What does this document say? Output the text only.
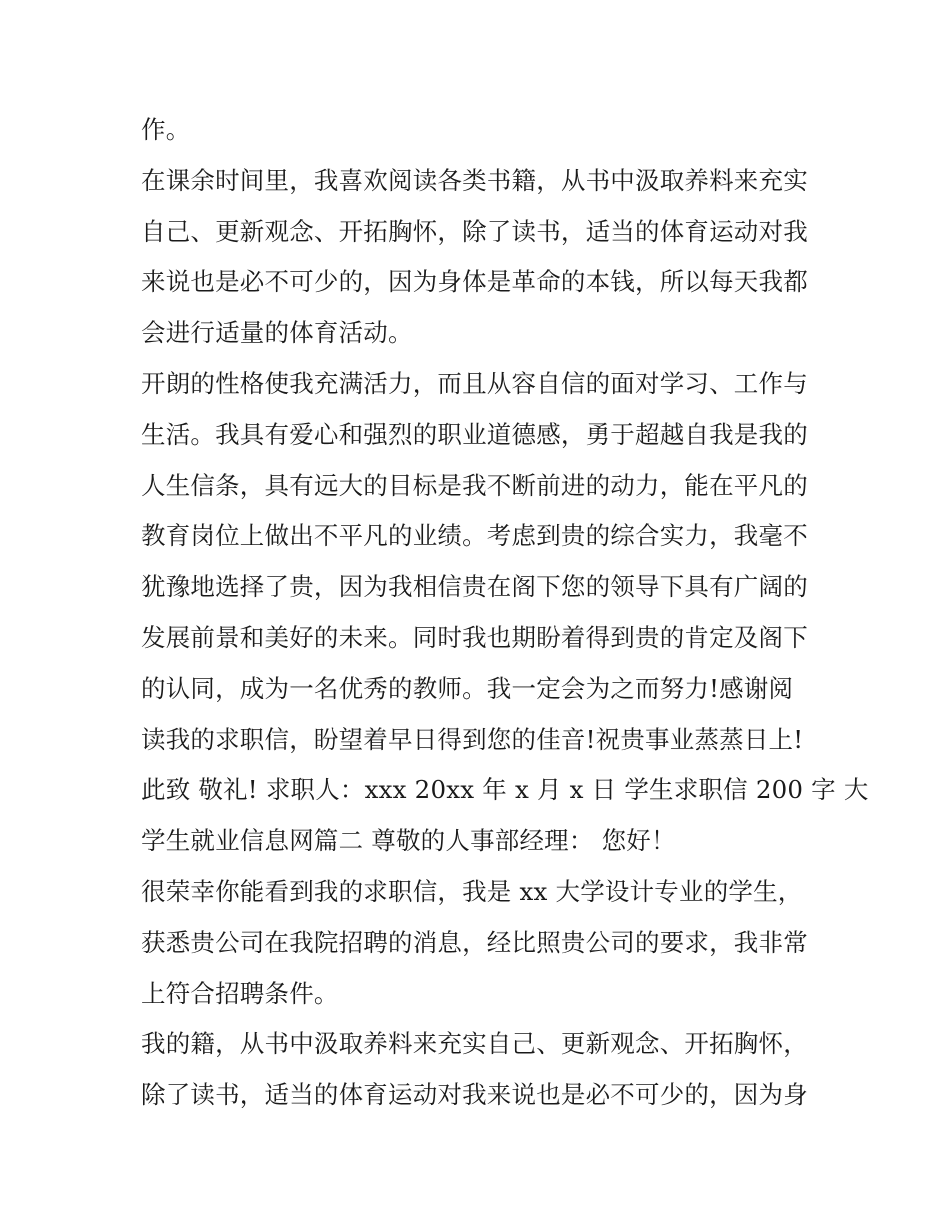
作。
在课余时间里，我喜欢阅读各类书籍，从书中汲取养料来充实
自己、更新观念、开拓胸怀，除了读书，适当的体育运动对我
来说也是必不可少的，因为身体是革命的本钱，所以每天我都
会进行适量的体育活动。
开朗的性格使我充满活力，而且从容自信的面对学习、工作与
生活。我具有爱心和强烈的职业道德感，勇于超越自我是我的
人生信条，具有远大的目标是我不断前进的动力，能在平凡的
教育岗位上做出不平凡的业绩。考虑到贵的综合实力，我毫不
犹豫地选择了贵，因为我相信贵在阁下您的领导下具有广阔的
发展前景和美好的未来。同时我也期盼着得到贵的肯定及阁下
的认同，成为一名优秀的教师。我一定会为之而努力!感谢阅
读我的求职信，盼望着早日得到您的佳音!祝贵事业蒸蒸日上!
此致 敬礼! 求职人：xxx 20xx 年 x 月 x 日 学生求职信 200 字 大
学生就业信息网篇二 尊敬的人事部经理： 您好！
很荣幸你能看到我的求职信，我是 xx 大学设计专业的学生，
获悉贵公司在我院招聘的消息，经比照贵公司的要求，我非常
上符合招聘条件。
我的籍，从书中汲取养料来充实自己、更新观念、开拓胸怀，
除了读书，适当的体育运动对我来说也是必不可少的，因为身
